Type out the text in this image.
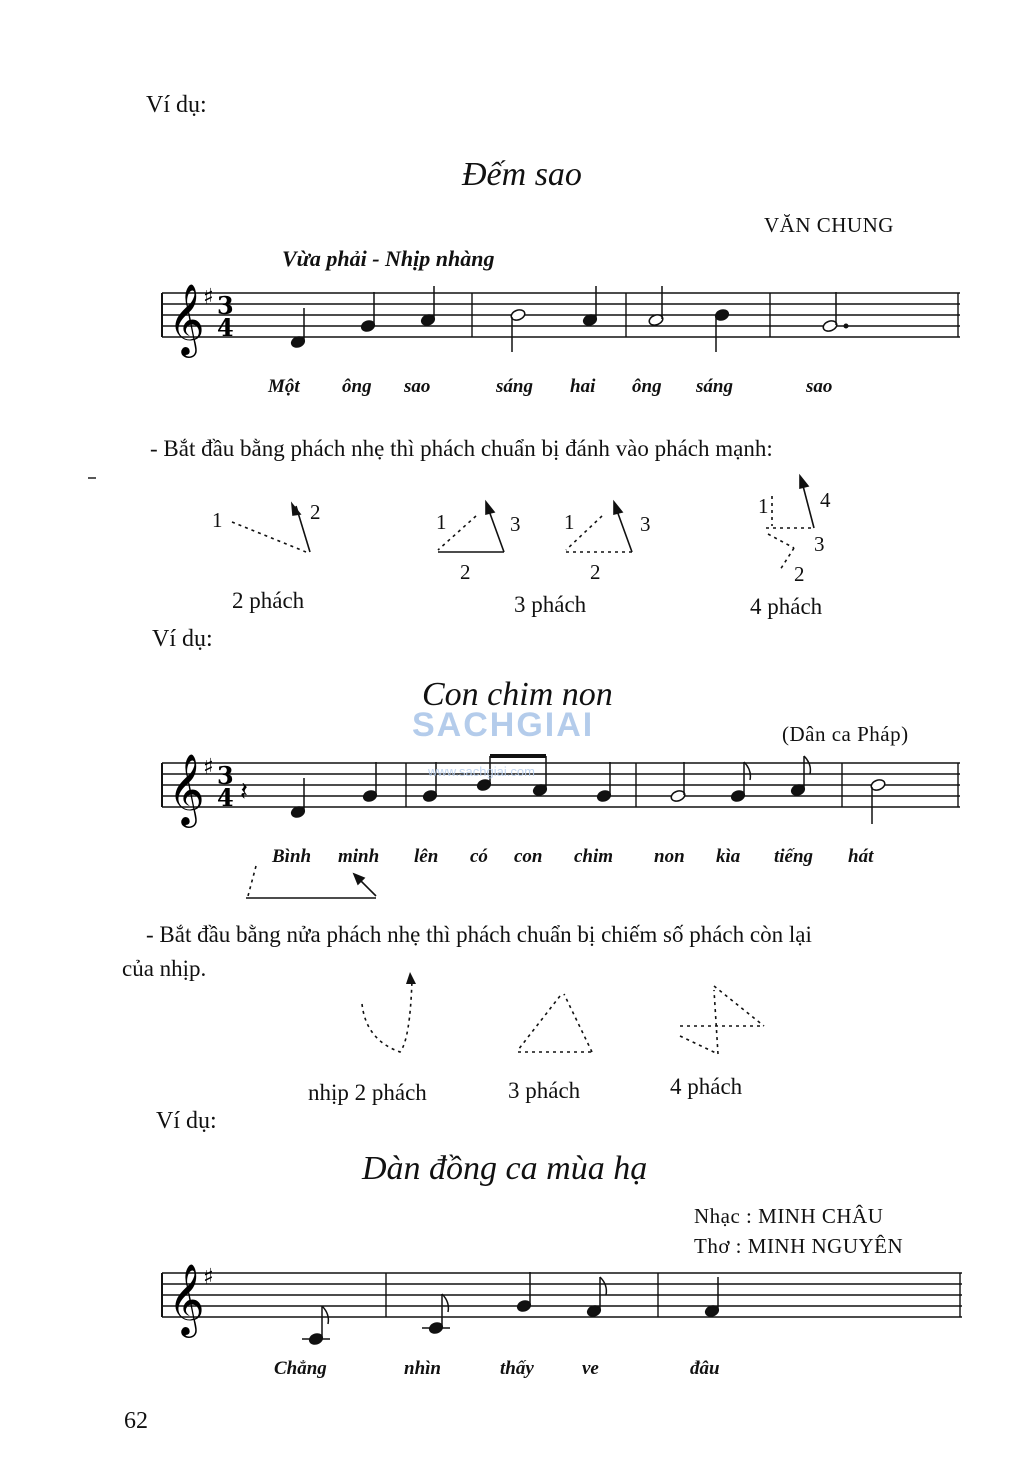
Ví dụ:
Đếm sao
VĂN CHUNG
Vừa phải - Nhịp nhàng
𝄞
♯ 3
4
𝄞
♯ 3
4 𝄽
𝄞
♯
Một ông sao	sáng hai ông sáng	sao
- Bắt đầu bằng phách nhẹ thì phách chuẩn bị đánh vào phách mạnh:
1	2	1	3
2
1	3
2
1 4
3
2
2 phách	3 phách	4 phách
Ví dụ:
Con chim non
SACHGIAI
www.sachgiai.com
(Dân ca Pháp)
Bình minh lên có con chim non kìa tiếng hát
- Bắt đầu bằng nửa phách nhẹ thì phách chuẩn bị chiếm số phách còn lại
của nhịp.
nhịp 2 phách	3 phách	4 phách
Ví dụ:
Dàn đồng ca mùa hạ
Nhạc : MINH CHÂU
Thơ : MINH NGUYÊN
Chẳng	nhìn	thấy	ve	đâu
62
